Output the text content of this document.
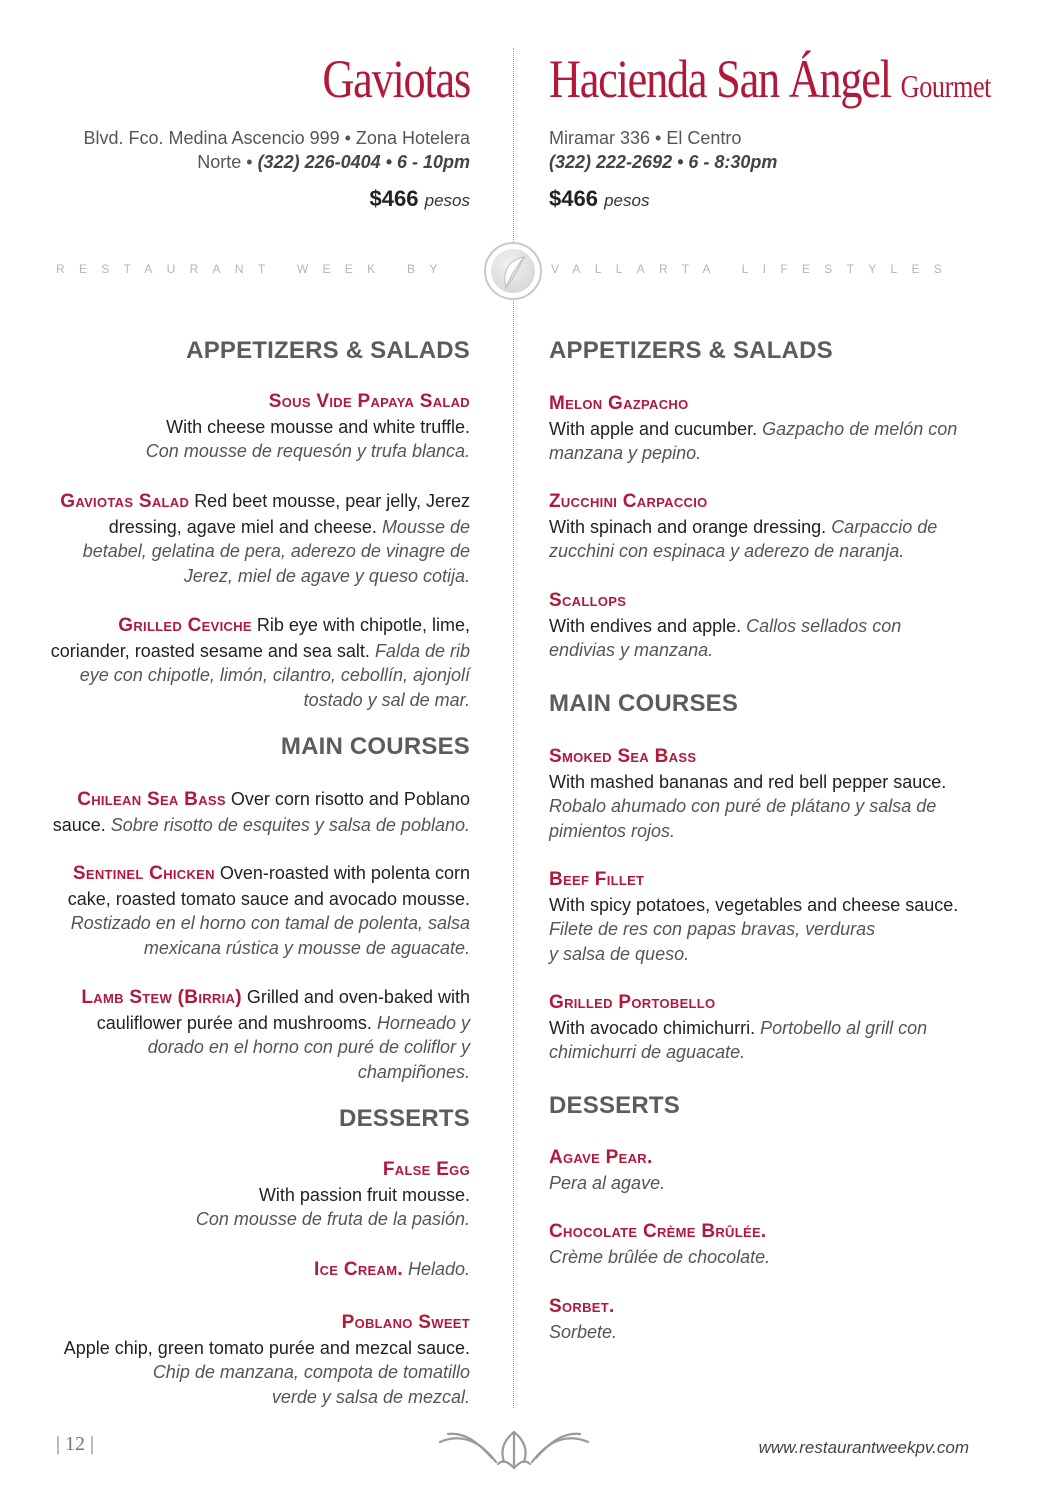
Gaviotas
Blvd. Fco. Medina Ascencio 999 • Zona Hotelera
Norte • (322) 226-0404 • 6 - 10pm
$466 pesos
Hacienda San Ángel Gourmet
Miramar 336 • El Centro
(322) 222-2692 • 6 - 8:30pm
$466 pesos
RESTAURANT WEEK BY	VALLARTA LIFESTYLES
APPETIZERS & SALADS
Sous Vide Papaya Salad
With cheese mousse and white truffle.
Con mousse de requesón y trufa blanca.
Gaviotas Salad Red beet mousse, pear jelly, Jerez dressing, agave miel and cheese. Mousse de betabel, gelatina de pera, aderezo de vinagre de Jerez, miel de agave y queso cotija.
Grilled Ceviche Rib eye with chipotle, lime, coriander, roasted sesame and sea salt. Falda de rib eye con chipotle, limón, cilantro, cebollín, ajonjolí tostado y sal de mar.
MAIN COURSES
Chilean Sea Bass Over corn risotto and Poblano sauce. Sobre risotto de esquites y salsa de poblano.
Sentinel Chicken Oven-roasted with polenta corn cake, roasted tomato sauce and avocado mousse. Rostizado en el horno con tamal de polenta, salsa mexicana rústica y mousse de aguacate.
Lamb Stew (Birria) Grilled and oven-baked with cauliflower purée and mushrooms. Horneado y dorado en el horno con puré de coliflor y champiñones.
DESSERTS
False Egg
With passion fruit mousse.
Con mousse de fruta de la pasión.
Ice Cream. Helado.
Poblano Sweet
Apple chip, green tomato purée and mezcal sauce.
Chip de manzana, compota de tomatillo verde y salsa de mezcal.
APPETIZERS & SALADS
Melon Gazpacho
With apple and cucumber. Gazpacho de melón con manzana y pepino.
Zucchini Carpaccio
With spinach and orange dressing. Carpaccio de zucchini con espinaca y aderezo de naranja.
Scallops
With endives and apple. Callos sellados con endivias y manzana.
MAIN COURSES
Smoked Sea Bass
With mashed bananas and red bell pepper sauce.
Robalo ahumado con puré de plátano y salsa de pimientos rojos.
Beef Fillet
With spicy potatoes, vegetables and cheese sauce.
Filete de res con papas bravas, verduras y salsa de queso.
Grilled Portobello
With avocado chimichurri. Portobello al grill con chimichurri de aguacate.
DESSERTS
Agave Pear.
Pera al agave.
Chocolate Crème Brûlée.
Crème brûlée de chocolate.
Sorbet.
Sorbete.
| 12 |	www.restaurantweekpv.com
